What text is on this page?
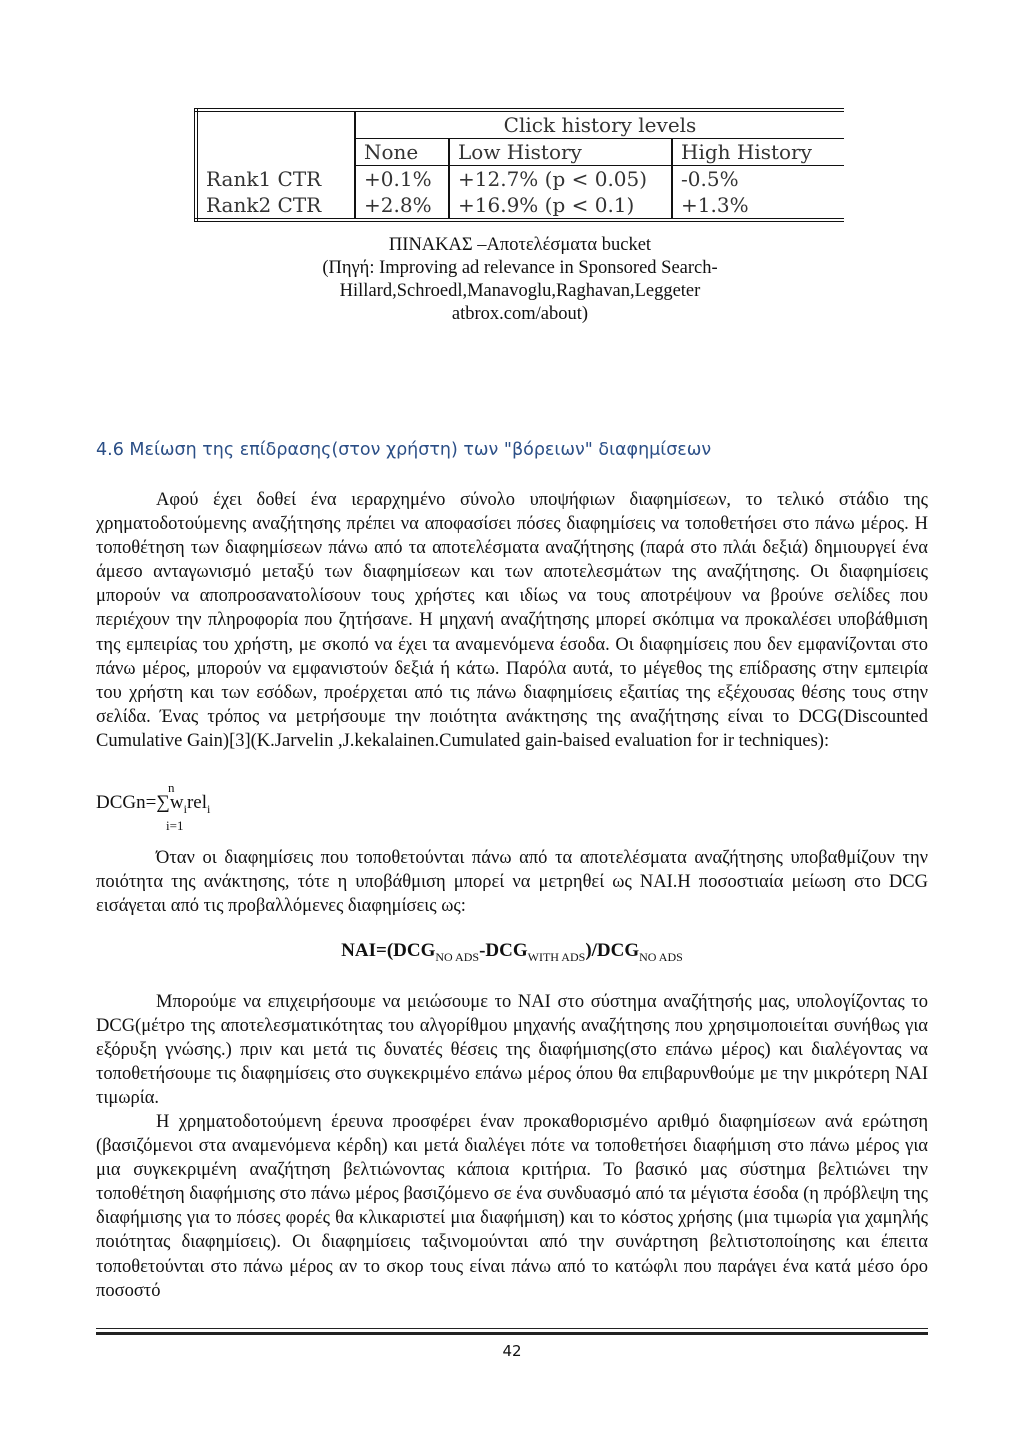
	Click history levels		
	None	Low History	High History
Rank1 CTR	+0.1%	+12.7% (p < 0.05)	-0.5%
Rank2 CTR	+2.8%	+16.9% (p < 0.1)	+1.3%
ΠΙΝΑΚΑΣ –Αποτελέσματα bucket
(Πηγή: Improving ad relevance in Sponsored Search-
Hillard,Schroedl,Manavoglu,Raghavan,Leggeter
atbrox.com/about)
4.6 Μείωση της επίδρασης(στον χρήστη) των "βόρειων" διαφημίσεων

Αφού έχει δοθεί ένα ιεραρχημένο σύνολο υποψήφιων διαφημίσεων, το τελικό στάδιο της χρηματοδοτούμενης αναζήτησης πρέπει να αποφασίσει πόσες διαφημίσεις να τοποθετήσει στο πάνω μέρος. Η τοποθέτηση των διαφημίσεων πάνω από τα αποτελέσματα αναζήτησης (παρά στο πλάι δεξιά) δημιουργεί ένα άμεσο ανταγωνισμό μεταξύ των διαφημίσεων και των αποτελεσμάτων της αναζήτησης. Οι διαφημίσεις μπορούν να αποπροσανατολίσουν τους χρήστες και ιδίως να τους αποτρέψουν να βρούνε σελίδες που περιέχουν την πληροφορία που ζητήσανε. Η μηχανή αναζήτησης μπορεί σκόπιμα να προκαλέσει υποβάθμιση της εμπειρίας του χρήστη, με σκοπό να έχει τα αναμενόμενα έσοδα. Οι διαφημίσεις που δεν εμφανίζονται στο πάνω μέρος, μπορούν να εμφανιστούν δεξιά ή κάτω. Παρόλα αυτά, το μέγεθος της επίδρασης στην εμπειρία του χρήστη και των εσόδων, προέρχεται από τις πάνω διαφημίσεις εξαιτίας της εξέχουσας θέσης τους στην σελίδα. Ένας τρόπος να μετρήσουμε την ποιότητα ανάκτησης της αναζήτησης είναι το DCG(Discounted Cumulative Gain)[3](K.Jarvelin ,J.kekalainen.Cumulated gain-baised evaluation for ir techniques):

n
$DCGn=\sum w_irel_i$
i=1

Όταν οι διαφημίσεις που τοποθετούνται πάνω από τα αποτελέσματα αναζήτησης υποβαθμίζουν την ποιότητα της ανάκτησης, τότε η υποβάθμιση μπορεί να μετρηθεί ως NAI.Η ποσοστιαία μείωση στο DCG εισάγεται από τις προβαλλόμενες διαφημίσεις ως:

$NAI=(DCG_{NO ADS}-DCG_{WITH ADS})/DCG_{NO ADS}$

Μπορούμε να επιχειρήσουμε να μειώσουμε το NAI στο σύστημα αναζήτησής μας, υπολογίζοντας το DCG(μέτρο της αποτελεσματικότητας του αλγορίθμου μηχανής αναζήτησης που χρησιμοποιείται συνήθως για εξόρυξη γνώσης.) πριν και μετά τις δυνατές θέσεις της διαφήμισης(στο επάνω μέρος) και διαλέγοντας να τοποθετήσουμε τις διαφημίσεις στο συγκεκριμένο επάνω μέρος όπου θα επιβαρυνθούμε με την μικρότερη NAI τιμωρία.

Η χρηματοδοτούμενη έρευνα προσφέρει έναν προκαθορισμένο αριθμό διαφημίσεων ανά ερώτηση (βασιζόμενοι στα αναμενόμενα κέρδη) και μετά διαλέγει πότε να τοποθετήσει διαφήμιση στο πάνω μέρος για μια συγκεκριμένη αναζήτηση βελτιώνοντας κάποια κριτήρια. Το βασικό μας σύστημα βελτιώνει την τοποθέτηση διαφήμισης στο πάνω μέρος βασιζόμενο σε ένα συνδυασμό από τα μέγιστα έσοδα (η πρόβλεψη της διαφήμισης για το πόσες φορές θα κλικαριστεί μια διαφήμιση) και το κόστος χρήσης (μια τιμωρία για χαμηλής ποιότητας διαφημίσεις). Οι διαφημίσεις ταξινομούνται από την συνάρτηση βελτιστοποίησης και έπειτα τοποθετούνται στο πάνω μέρος αν το σκορ τους είναι πάνω από το κατώφλι που παράγει ένα κατά μέσο όρο ποσοστό

42
